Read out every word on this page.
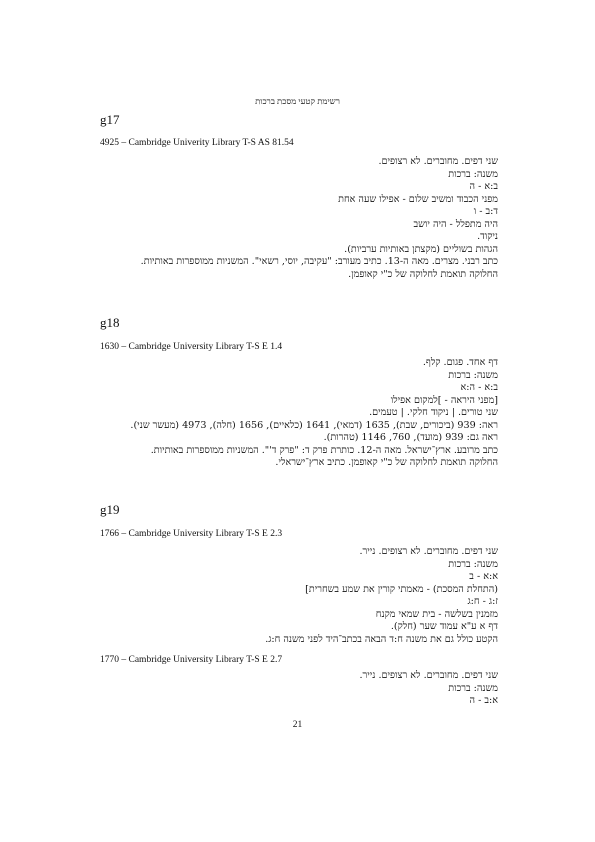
רשימת קטעי מסכת ברכות
g17
4925 – Cambridge Univerity Library T-S AS 81.54
שני דפים. מחוברים. לא רצופים.
משנה: ברכות
ב:א - ה
מפני הכבוד ומשיב שלום - אפילו שעה אחת
ד:ב - ו
היה מתפלל - היה יושב
ניקוד.
הגהות בשוליים (מקצתן באותיות ערביות).
כתב רבני. מצרים. מאה ה-13. כתיב מעורב: "עקיבה, יוסי, רשאי". המשניות ממוספרות באותיות.
החלוקה תואמת לחלוקה של כ"י קאופמן.
g18
1630 – Cambridge University Library T-S E 1.4
דף אחד. פגום. קלף.
משנה: ברכות
ב:א - ה:א
[מפני היראה - ]למקום אפילו
שני טורים. | ניקוד חלקי. | טעמים.
ראה: 939 (ביכורים, שבת), 1635 (דמאי), 1641 (כלאיים), 1656 (חלה), 4973 (מעשר שני).
ראה גם: 939 (מועד), 760, 1146 (טהרות).
כתב מרובע. ארץ־ישראל. מאה ה-12. כותרת פרק ד: "פרק ד'". המשניות ממוספרות באותיות.
החלוקה תואמת לחלוקה של כ"י קאופמן. כתיב ארץ־ישראלי.
g19
1766 – Cambridge University Library T-S E 2.3
שני דפים. מחוברים. לא רצופים. נייר.
משנה: ברכות
א:א - ב
(התחלת המסכת) - מאמתי קורין את שמע בשחרית]
ז:ג - ח:ג
מזמנין בשלשה - בית שמאי מקנח
דף א ע"א עמוד שער (חלק).
הקטע כולל גם את משנה ח:ד הבאה בכתב־היד לפני משנה ח:ג.
1770 – Cambridge University Library T-S E 2.7
שני דפים. מחוברים. לא רצופים. נייר.
משנה: ברכות
א:ב - ה
21
